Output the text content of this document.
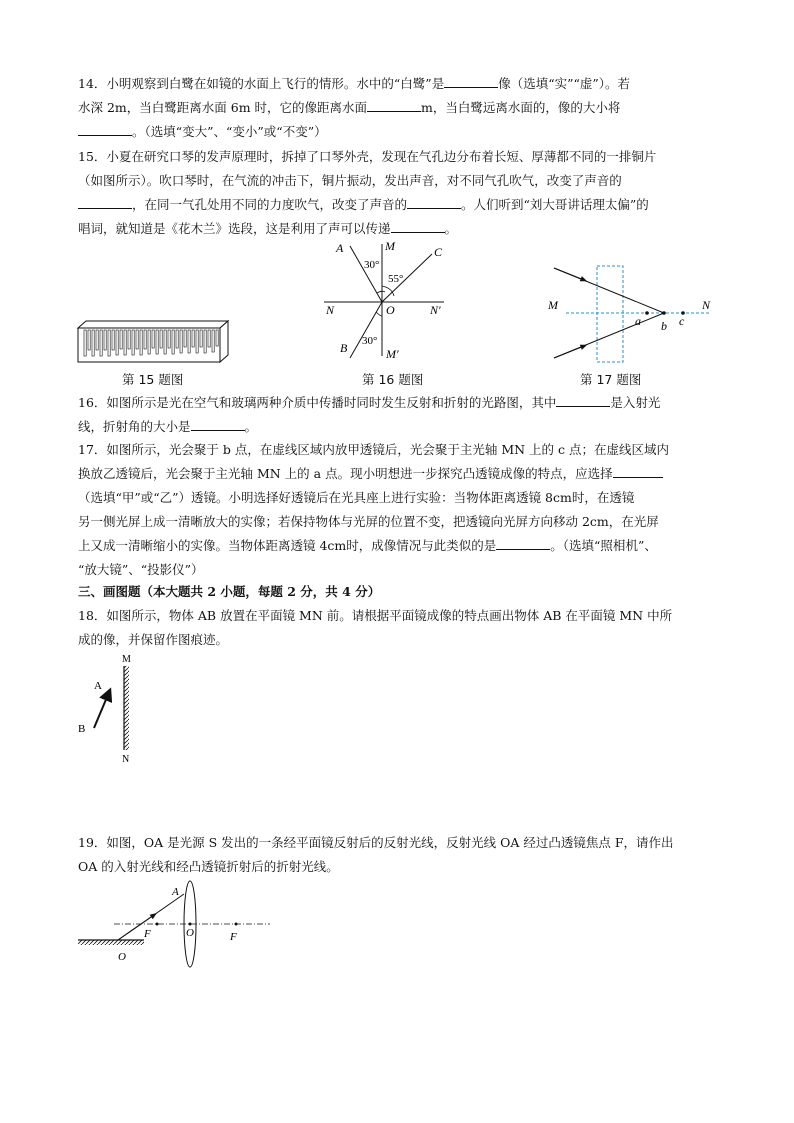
14．小明观察到白鹭在如镜的水面上飞行的情形。水中的“白鹭”是	像（选填“实”“虚”）。若

水深 2m，当白鹭距离水面 6m 时，它的像距离水面	m，当白鹭远离水面的，像的大小将

。（选填“变大”、“变小”或“不变”）

15．小夏在研究口琴的发声原理时，拆掉了口琴外壳，发现在气孔边分布着长短、厚薄都不同的一排铜片

（如图所示）。吹口琴时，在气流的冲击下，铜片振动，发出声音，对不同气孔吹气，改变了声音的

，在同一气孔处用不同的力度吹气，改变了声音的	。人们听到“刘大哥讲话理太偏”的

唱词，就知道是《花木兰》选段，这是利用了声可以传递	。

A	M	C
N	O	N′
B	M′
30°
55°
30°
M	N
a b c
第 15 题图	第 16 题图	第 17 题图

16．如图所示是光在空气和玻璃两种介质中传播时同时发生反射和折射的光路图，其中	是入射光

线，折射角的大小是	。

17．如图所示，光会聚于 b 点，在虚线区域内放甲透镜后，光会聚于主光轴 MN 上的 c 点；在虚线区域内

换放乙透镜后，光会聚于主光轴 MN 上的 a 点。现小明想进一步探究凸透镜成像的特点，应选择

（选填“甲”或“乙”）透镜。小明选择好透镜后在光具座上进行实验：当物体距离透镜 8cm时，在透镜

另一侧光屏上成一清晰放大的实像；若保持物体与光屏的位置不变，把透镜向光屏方向移动 2cm，在光屏

上又成一清晰缩小的实像。当物体距离透镜 4cm时，成像情况与此类似的是	。（选填“照相机”、

“放大镜”、“投影仪”）

三、画图题（本大题共 2 小题，每题 2 分，共 4 分）

18．如图所示，物体 AB 放置在平面镜 MN 前。请根据平面镜成像的特点画出物体 AB 在平面镜 MN 中所

成的像，并保留作图痕迹。

A
B
M
N

19．如图，OA 是光源 S 发出的一条经平面镜反射后的反射光线，反射光线 OA 经过凸透镜焦点 F，请作出

OA 的入射光线和经凸透镜折射后的折射光线。

A
F	O	F
O
